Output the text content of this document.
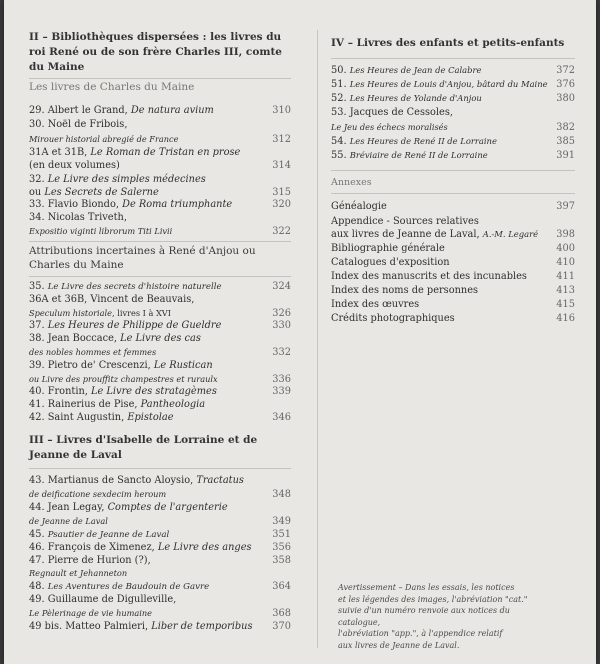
II – Bibliothèques dispersées : les livres du roi René ou de son frère Charles III, comte du Maine
Les livres de Charles du Maine
29. Albert le Grand, De natura avium	310
30. Noël de Fribois,
Mirouer historial abregié de France	312
31A et 31B, Le Roman de Tristan en prose
(en deux volumes)	314
32. Le Livre des simples médecines
ou Les Secrets de Salerne	315
33. Flavio Biondo, De Roma triumphante	320
34. Nicolas Triveth,
Expositio viginti librorum Titi Livii	322
Attributions incertaines à René d'Anjou ou Charles du Maine
35. Le Livre des secrets d'histoire naturelle	324
36A et 36B, Vincent de Beauvais,
Speculum historiale, livres I à XVI	326
37. Les Heures de Philippe de Gueldre	330
38. Jean Boccace, Le Livre des cas
des nobles hommes et femmes	332
39. Pietro de' Crescenzi, Le Rustican
ou Livre des prouffitz champestres et ruraulx	336
40. Frontin, Le Livre des stratagèmes	339
41. Rainerius de Pise, Pantheologia
42. Saint Augustin, Epistolae	346
III – Livres d'Isabelle de Lorraine et de Jeanne de Laval
43. Martianus de Sancto Aloysio, Tractatus
de deificatione sexdecim heroum	348
44. Jean Legay, Comptes de l'argenterie
de Jeanne de Laval	349
45. Psautier de Jeanne de Laval	351
46. François de Ximenez, Le Livre des anges 356
47. Pierre de Hurion (?),	358
Regnault et Jehanneton
48. Les Aventures de Baudouin de Gavre	364
49. Guillaume de Digulleville,
Le Pèlerinage de vie humaine	368
49 bis. Matteo Palmieri, Liber de temporibus 370
IV – Livres des enfants et petits-enfants
50. Les Heures de Jean de Calabre	372
51. Les Heures de Louis d'Anjou, bâtard du Maine 376
52. Les Heures de Yolande d'Anjou	380
53. Jacques de Cessoles,
Le Jeu des échecs moralisés	382
54. Les Heures de René II de Lorraine	385
55. Bréviaire de René II de Lorraine	391
Annexes
Généalogie	397
Appendice - Sources relatives
aux livres de Jeanne de Laval, A.-M. Legaré 398
Bibliographie générale	400
Catalogues d'exposition	410
Index des manuscrits et des incunables	411
Index des noms de personnes	413
Index des œuvres	415
Crédits photographiques	416
Avertissement – Dans les essais, les notices
et les légendes des images, l'abréviation "cat."
suivie d'un numéro renvoie aux notices du catalogue,
l'abréviation "app.", à l'appendice relatif
aux livres de Jeanne de Laval.
